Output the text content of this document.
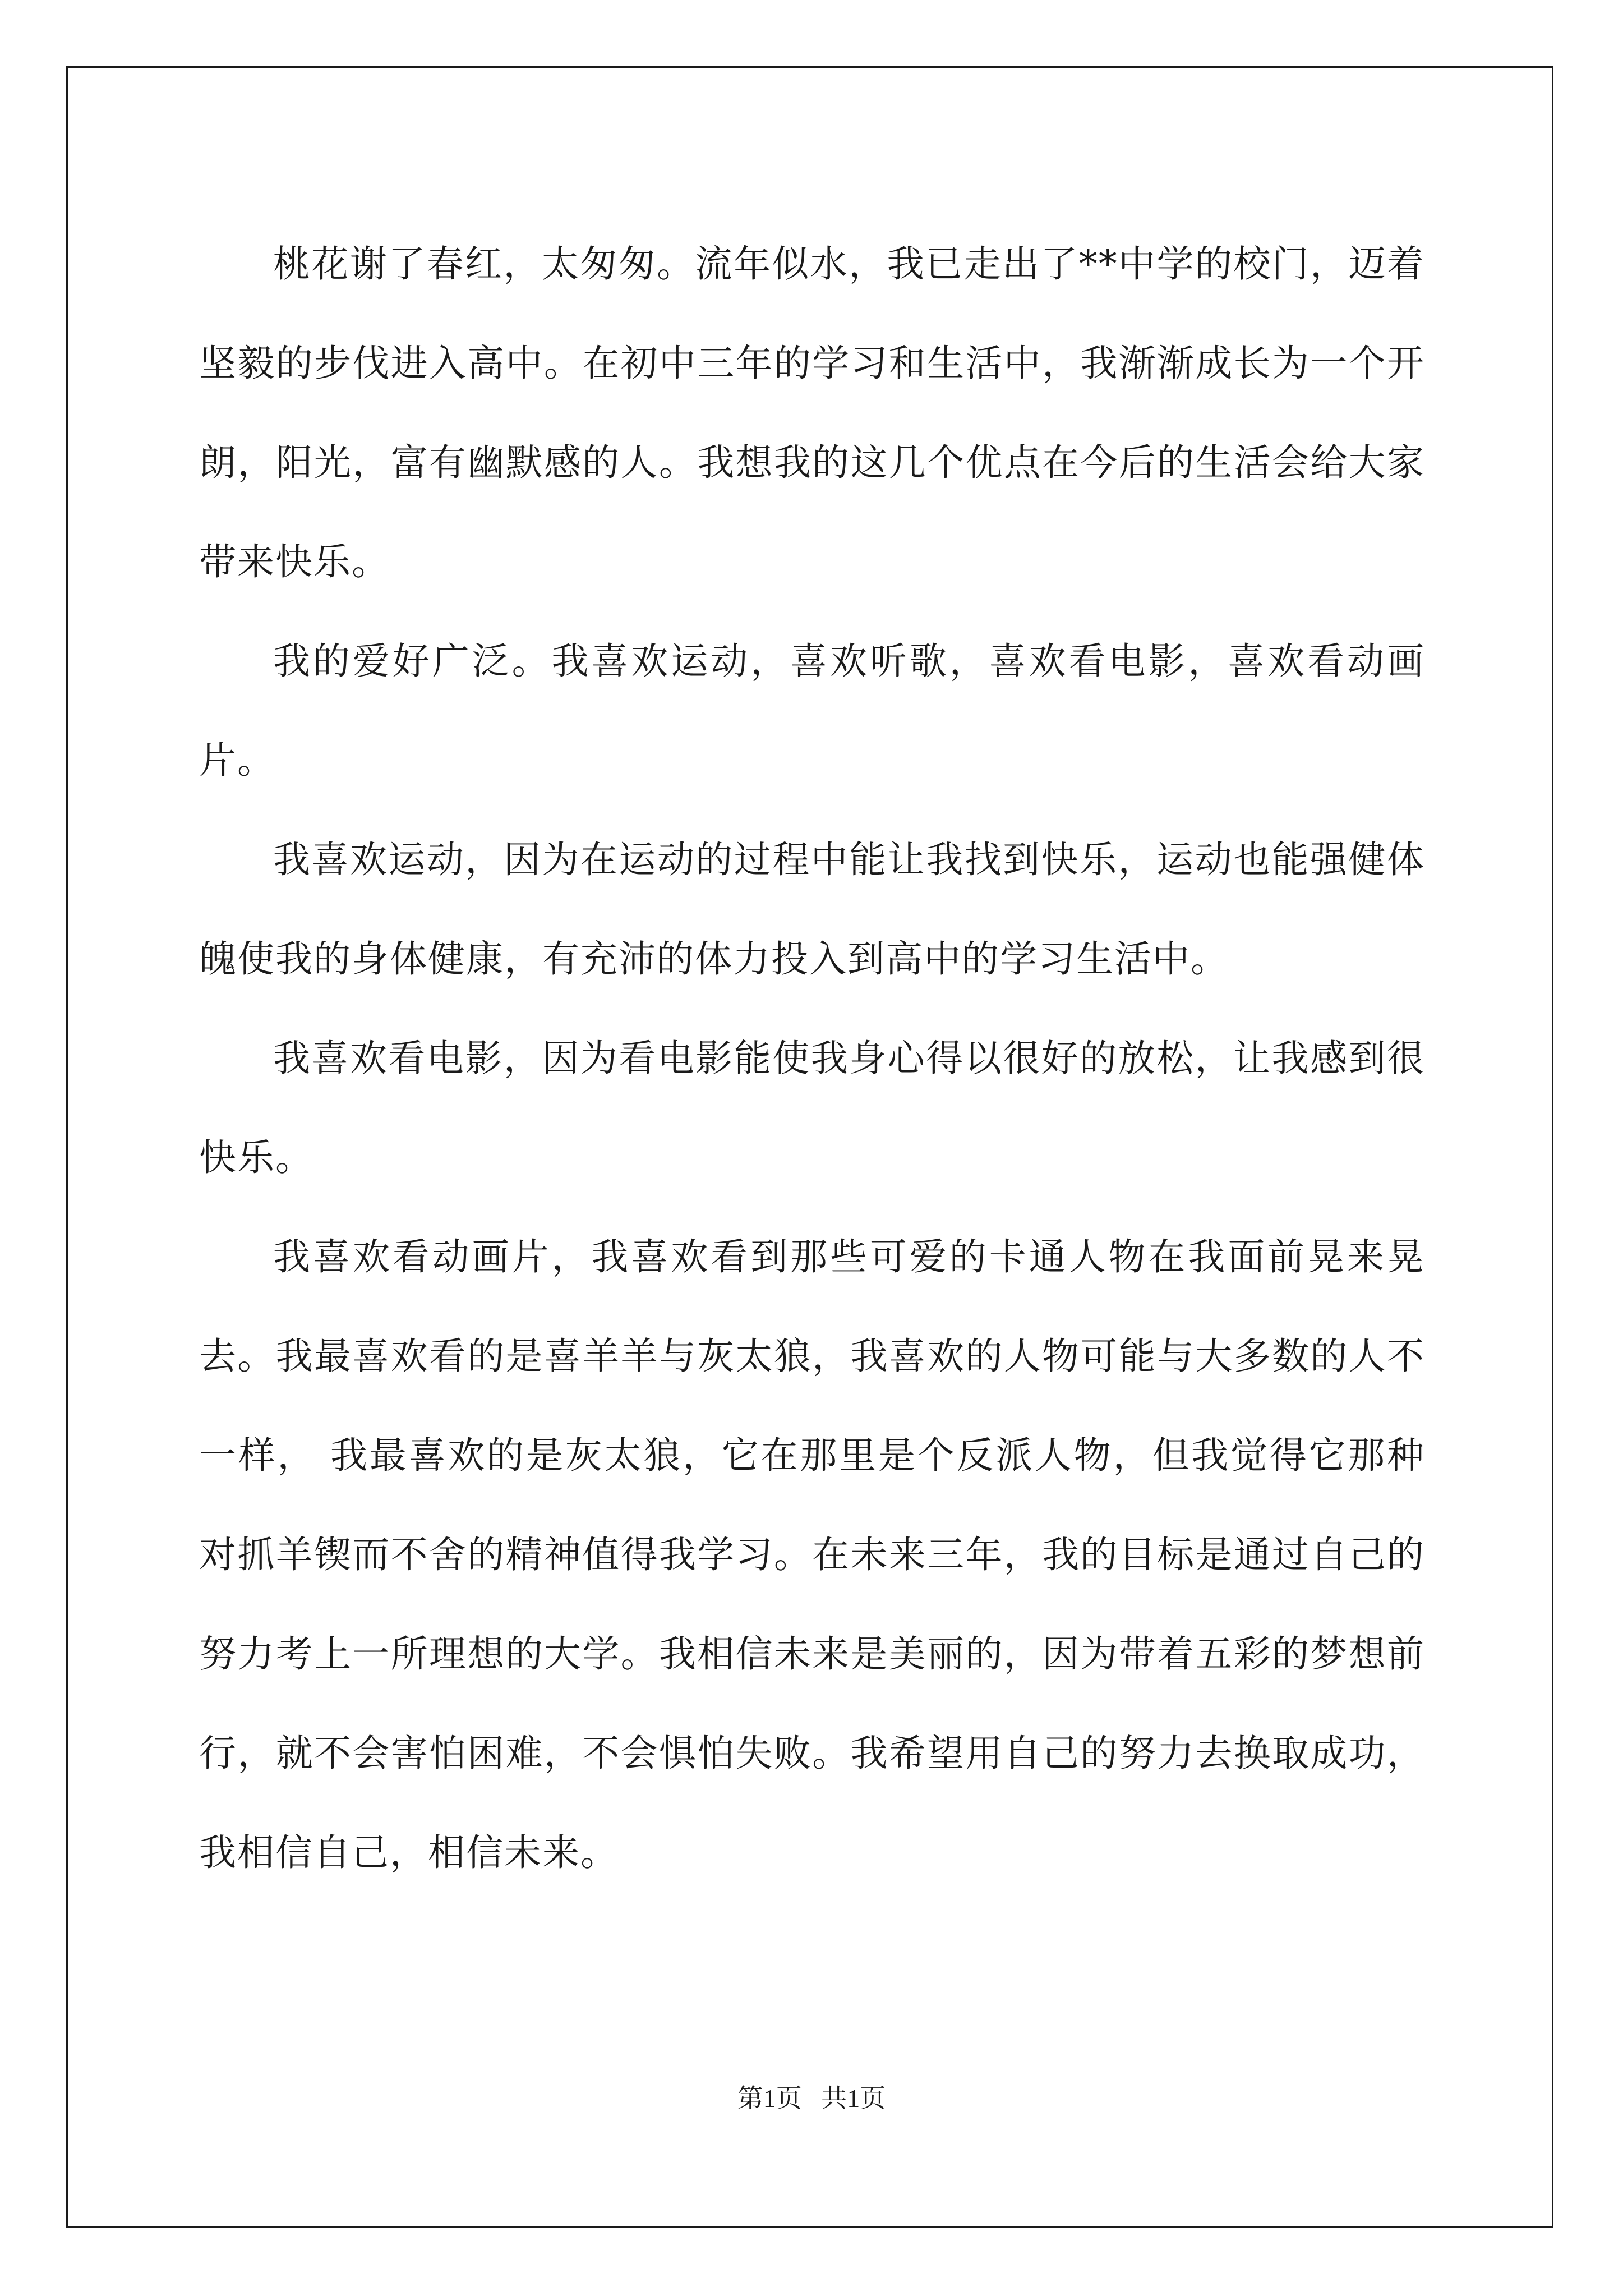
桃花谢了春红，太匆匆。流年似水，我已走出了**中学的校门，迈着坚毅的步伐进入高中。在初中三年的学习和生活中，我渐渐成长为一个开朗，阳光，富有幽默感的人。我想我的这几个优点在今后的生活会给大家带来快乐。

我的爱好广泛。我喜欢运动，喜欢听歌，喜欢看电影，喜欢看动画片。

我喜欢运动，因为在运动的过程中能让我找到快乐，运动也能强健体魄使我的身体健康，有充沛的体力投入到高中的学习生活中。

我喜欢看电影，因为看电影能使我身心得以很好的放松，让我感到很快乐。

我喜欢看动画片，我喜欢看到那些可爱的卡通人物在我面前晃来晃去。我最喜欢看的是喜羊羊与灰太狼，我喜欢的人物可能与大多数的人不一样， 我最喜欢的是灰太狼，它在那里是个反派人物，但我觉得它那种对抓羊锲而不舍的精神值得我学习。在未来三年，我的目标是通过自己的努力考上一所理想的大学。我相信未来是美丽的，因为带着五彩的梦想前行，就不会害怕困难，不会惧怕失败。我希望用自己的努力去换取成功，我相信自己，相信未来。

第1页   共1页
